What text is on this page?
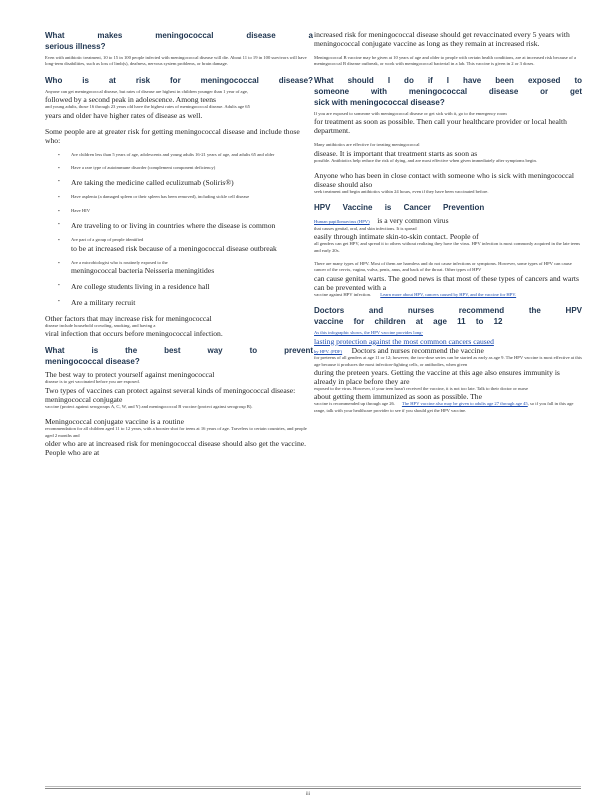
What makes meningococcal disease a
serious illness?

Even with antibiotic treatment, 10 to 15 in 100 people infected with meningococcal disease will die. About 11 to 19 in 100 survivors will have long-term disabilities, such as loss of limb(s), deafness, nervous system problems, or brain damage.

Who is at risk for meningococcal disease?

Anyone can get meningococcal disease, but rates of disease are highest in children younger than 1 year of age,

followed by a second peak in adolescence. Among teens

and young adults, those 16 through 23 years old have the highest rates of meningococcal disease. Adults age 65

years and older have higher rates of disease as well.

Some people are at greater risk for getting meningococcal disease and include those who:

▪ Are children less than 5 years of age, adolescents and young adults 16-21 years of age, and adults 65 and older

▪ Have a rare type of autoimmune disorder (complement component deficiency)

▪ Are taking the medicine called eculizumab (Soliris®)

▪ Have asplenia (a damaged spleen or their spleen has been removed), including sickle cell disease

▪ Have HIV

▪ Are traveling to or living in countries where the disease is common

▪ Are part of a group of people identified

to be at increased risk because of a meningococcal disease outbreak

▪ Are a microbiologist who is routinely exposed to the

meningococcal bacteria Neisseria meningitides

▪ Are college students living in a residence hall

▪ Are a military recruit

Other factors that may increase risk for meningococcal

disease include household crowding, smoking, and having a

viral infection that occurs before meningococcal infection.

What is the best way to prevent
meningococcal disease?

The best way to protect yourself against meningococcal

disease is to get vaccinated before you are exposed.

Two types of vaccines can protect against several kinds of meningococcal disease: meningococcal conjugate

vaccine (protect against serogroups A, C, W, and Y) and meningococcal B vaccine (protect against serogroup B).

Meningococcal conjugate vaccine is a routine

recommendation for all children aged 11 to 12 years, with a booster shot for teens at 16 years of age. Travelers to certain countries, and people aged 2 months and

older who are at increased risk for meningococcal disease should also get the vaccine. People who are at

increased risk for meningococcal disease should get revaccinated every 5 years with meningococcal conjugate vaccine as long as they remain at increased risk.

Meningococcal B vaccine may be given at 10 years of age and older to people with certain health conditions, are at increased risk because of a meningococcal B disease outbreak, or work with meningococcal bacterial in a lab. This vaccine is given in 2 or 3 doses.

What should I do if I have been exposed to
someone with meningococcal disease or get
sick with meningococcal disease?

If you are exposed to someone with meningococcal disease or get sick with it, go to the emergency room

for treatment as soon as possible. Then call your healthcare provider or local health department.

Many antibiotics are effective for treating meningococcal

disease. It is important that treatment starts as soon as

possible. Antibiotics help reduce the risk of dying, and are most effective when given immediately after symptoms begin.

Anyone who has been in close contact with someone who is sick with meningococcal disease should also

seek treatment and begin antibiotics within 24 hours, even if they have been vaccinated before.

HPV Vaccine is Cancer Prevention

Human papillomavirus (HPV) is a very common virus

that causes genital, oral, and skin infections. It is spread

easily through intimate skin-to-skin contact. People of

all genders can get HPV, and spread it to others without realizing they have the virus. HPV infection is most commonly acquired in the late teens and early 20s.

There are many types of HPV. Most of them are harmless and do not cause infections or symptoms. However, some types of HPV can cause cancer of the cervix, vagina, vulva, penis, anus, and back of the throat. Other types of HPV

can cause genital warts. The good news is that most of these types of cancers and warts can be prevented with a

vaccine against HPV infection. Learn more about HPV, cancers caused by HPV, and the vaccine for HPV.

Doctors and nurses recommend the HPV
vaccine for children at age 11 to 12

As this infographic shows, the HPV vaccine provides long-

lasting protection against the most common cancers caused

by HPV. (PDF) Doctors and nurses recommend the vaccine

for preteens of all genders at age 11 or 12; however, the two-dose series can be started as early as age 9. The HPV vaccine is most effective at this age because it produces the most infection-fighting cells, or antibodies, when given

during the preteen years. Getting the vaccine at this age also ensures immunity is already in place before they are

exposed to the virus. However, if your teen hasn't received the vaccine, it is not too late. Talk to their doctor or nurse

about getting them immunized as soon as possible. The

vaccine is recommended up through age 26. The HPV vaccine also may be given to adults age 27 through age 45, so if you fall in this age range, talk with your healthcare provider to see if you should get the HPV vaccine.

iii
